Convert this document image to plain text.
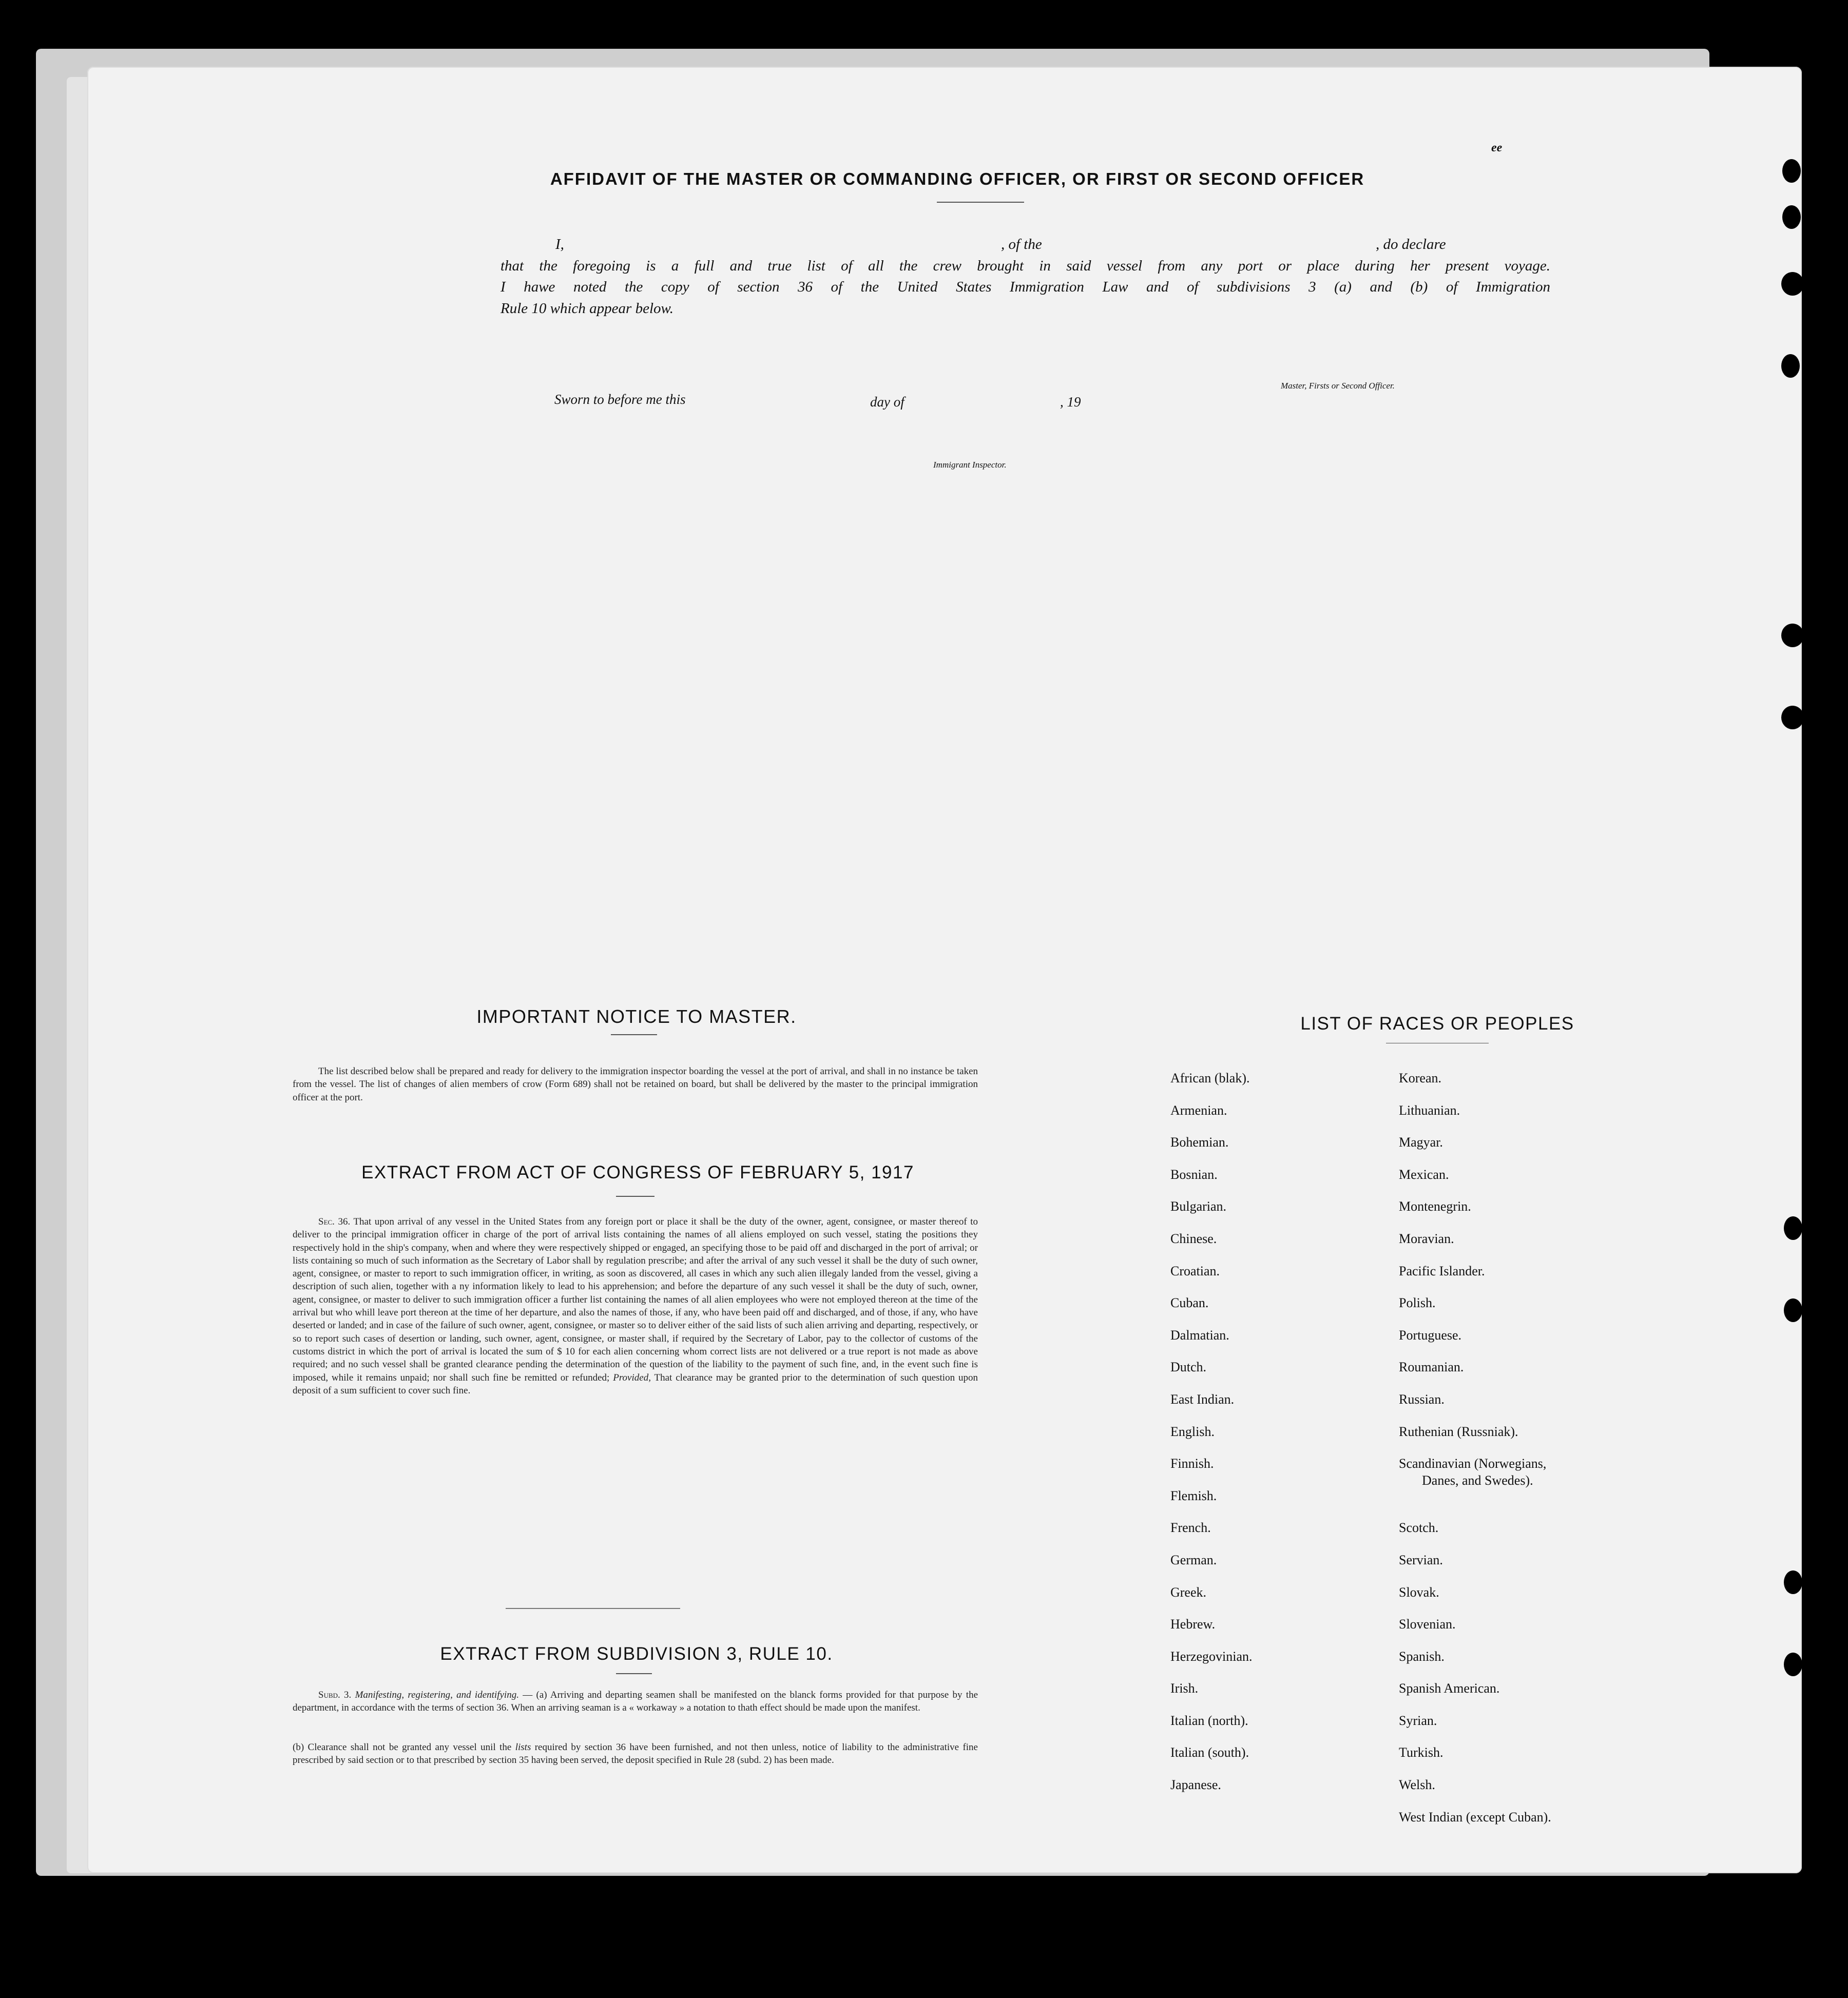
AFFIDAVIT OF THE MASTER OR COMMANDING OFFICER, OR FIRST OR SECOND OFFICER
ee
I,	, of the	, do declare
that the foregoing is a full and true list of all the crew brought in said vessel from any port or place during her present voyage.
I hawe noted the copy of section 36 of the United States Immigration Law and of subdivisions 3 (a) and (b) of Immigration
Rule 10 which appear below.
Master, Firsts or Second Officer.
Sworn to before me this	day of	, 19
Immigrant Inspector.
IMPORTANT NOTICE TO MASTER.
The list described below shall be prepared and ready for delivery to the immigration inspector boarding the vessel at the port of arrival, and shall in no instance be taken from the vessel. The list of changes of alien members of crow (Form 689) shall not be retained on board, but shall be delivered by the master to the principal immigration officer at the port.
EXTRACT FROM ACT OF CONGRESS OF FEBRUARY 5, 1917
Sec. 36. That upon arrival of any vessel in the United States from any foreign port or place it shall be the duty of the owner, agent, consignee, or master thereof to deliver to the principal immigration officer in charge of the port of arrival lists containing the names of all aliens employed on such vessel, stating the positions they respectively hold in the ship's company, when and where they were respectively shipped or engaged, an specifying those to be paid off and discharged in the port of arrival; or lists containing so much of such information as the Secretary of Labor shall by regulation prescribe; and after the arrival of any such vessel it shall be the duty of such owner, agent, consignee, or master to report to such immigration officer, in writing, as soon as discovered, all cases in which any such alien illegaly landed from the vessel, giving a description of such alien, together with a ny information likely to lead to his apprehension; and before the departure of any such vessel it shall be the duty of such, owner, agent, consignee, or master to deliver to such immigration officer a further list containing the names of all alien employees who were not employed thereon at the time of the arrival but who whill leave port thereon at the time of her departure, and also the names of those, if any, who have been paid off and discharged, and of those, if any, who have deserted or landed; and in case of the failure of such owner, agent, consignee, or master so to deliver either of the said lists of such alien arriving and departing, respectively, or so to report such cases of desertion or landing, such owner, agent, consignee, or master shall, if required by the Secretary of Labor, pay to the collector of customs of the customs district in which the port of arrival is located the sum of $ 10 for each alien concerning whom correct lists are not delivered or a true report is not made as above required; and no such vessel shall be granted clearance pending the determination of the question of the liability to the payment of such fine, and, in the event such fine is imposed, while it remains unpaid; nor shall such fine be remitted or refunded; Provided, That clearance may be granted prior to the determination of such question upon deposit of a sum sufficient to cover such fine.
EXTRACT FROM SUBDIVISION 3, RULE 10.
Subd. 3. Manifesting, registering, and identifying. — (a) Arriving and departing seamen shall be manifested on the blanck forms provided for that purpose by the department, in accordance with the terms of section 36. When an arriving seaman is a « workaway » a notation to thath effect should be made upon the manifest.
(b) Clearance shall not be granted any vessel unil the lists required by section 36 have been furnished, and not then unless, notice of liability to the administrative fine prescribed by said section or to that prescribed by section 35 having been served, the deposit specified in Rule 28 (subd. 2) has been made.
LIST OF RACES OR PEOPLES
African (blak).
Armenian.
Bohemian.
Bosnian.
Bulgarian.
Chinese.
Croatian.
Cuban.
Dalmatian.
Dutch.
East Indian.
English.
Finnish.
Flemish.
French.
German.
Greek.
Hebrew.
Herzegovinian.
Irish.
Italian (north).
Italian (south).
Japanese.
Korean.
Lithuanian.
Magyar.
Mexican.
Montenegrin.
Moravian.
Pacific Islander.
Polish.
Portuguese.
Roumanian.
Russian.
Ruthenian (Russniak).
Scandinavian (Norwegians,
Danes, and Swedes).
Scotch.
Servian.
Slovak.
Slovenian.
Spanish.
Spanish American.
Syrian.
Turkish.
Welsh.
West Indian (except Cuban).
